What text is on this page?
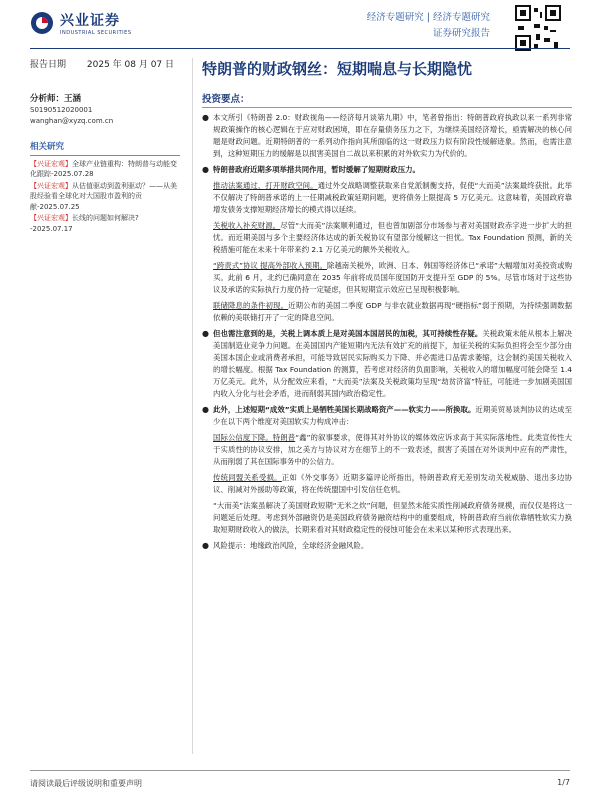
兴业证券
INDUSTRIAL SECURITIES
经济专题研究 | 经济专题研究
证券研究报告
报告日期 2025 年 08 月 07 日
分析师：王涵
S0190512020001
wanghan@xyzq.com.cn
相关研究
【兴证宏观】全球产业链重构：特朗普与动能变化跟踪-2025.07.28
【兴证宏观】从估值驱动到盈利驱动？——从美股经验看全球化对大国股市盈利的贡献-2025.07.25
【兴证宏观】长线的问题如何解决?-2025.07.17
特朗普的财政钢丝：短期喘息与长期隐忧
投资要点：
● 本文所引《特朗普 2.0：财政视角——经济每月谈第九期》中，笔者曾指出：特朗普政府执政以来一系列非常规政策操作的核心逻辑在于应对财政困境，即在存量债务压力之下，为继续美国经济增长，亟需解决的核心问题是财政问题。近期特朗普的一系列动作指向其所面临的这一财政压力似有阶段性缓解迹象。然而，也需注意到，这种短期压力的缓解是以损害美国自二战以来积累的对外软实力为代价的。
● 特朗普政府近期多项举措共同作用，暂时缓解了短期财政压力。
推动法案通过，打开财政空间。通过外交战略调整获取来自党派制衡支持，促使“大而美”法案最终获批。此举不仅解决了特朗普承诺的上一任期减税政策延期问题，更将债务上限提高 5 万亿美元。这意味着，美国政府靠增发债务支撑短期经济增长的模式得以延续。
关税收入补充财源。尽管“大而美”法案顺利通过，但也曾加剧部分市场参与者对美国财政赤字进一步扩大的担忧。而近期美国与多个主要经济体达成的新关税协议有望部分缓解这一担忧。Tax Foundation 预测，新的关税措施可能在未来十年带来约 2.1 万亿美元的额外关税收入。
“跨责式”协议 提高外部收入预期。除越南关税外，欧洲、日本、韩国等经济体已“承诺”大幅增加对美投资或购买。此前 6 月，北约已确同意在 2035 年前将成员国年度国防开支提升至 GDP 的 5%。尽管市场对于这些协议及承诺的实际执行力度仍持一定疑虑，但其短期宣示效应已呈现积极影响。
联储降息的条件初现。近期公布的美国二季度 GDP 与非农就业数据再现“硬指标”弱于预期，为持续强调数据依赖的美联储打开了一定的降息空间。
● 但也需注意到的是，关税上调本质上是对美国本国居民的加税，其可持续性存疑。关税政策未能从根本上解决美国制造业竞争力问题。在美国国内产能短期内无法有效扩充的前提下，加征关税的实际负担将会至少部分由美国本国企业或消费者承担，可能导致居民实际购买力下降、并必需进口品需求萎缩，这会制约美国关税收入的增长幅度。根据 Tax Foundation 的测算，若考虑对经济的负面影响，关税收入的增加幅度可能会降至 1.4 万亿美元。此外，从分配效应来看，“大而美”法案及关税政策均呈现“劫贫济富”特征，可能进一步加剧美国国内收入分化与社会矛盾，进而削弱其国内政治稳定性。
● 此外，上述短期“成效”实质上是牺牲美国长期战略资产——软实力——所换取。近期美贸易谈判协议的达成至少在以下两个维度对美国软实力构成冲击：
国际公信度下降。特朗普“鑫”的叙事要求，使得其对外协议的媒体效应诉求高于其实际落地性。此类宣传性大于实质性的协议安排，加之美方与协议对方在细节上的不一致表述，损害了美国在对外谈判中应有的严肃性，从而削弱了其在国际事务中的公信力。
传统同盟关系受损。正如《外交事务》近期多篇评论所指出，特朗普政府无差别发动关税威胁、退出多边协议、削减对外援助等政策，将在传统盟国中引发信任危机。
“大而美”法案虽解决了美国财政短期“无米之炊”问题，但显然未能实质性削减政府债务规模，而仅仅是将这一问题延后处理。考虑到外部融资仍是美国政府债务融资结构中的重要组成，特朗普政府当前依靠牺牲软实力换取短期财政收入的做法，长期来看对其财政稳定性的侵蚀可能会在未来以某种形式表现出来。
● 风险提示：地缘政治风险，全球经济金融风险。
请阅读最后评级说明和重要声明	1/7
